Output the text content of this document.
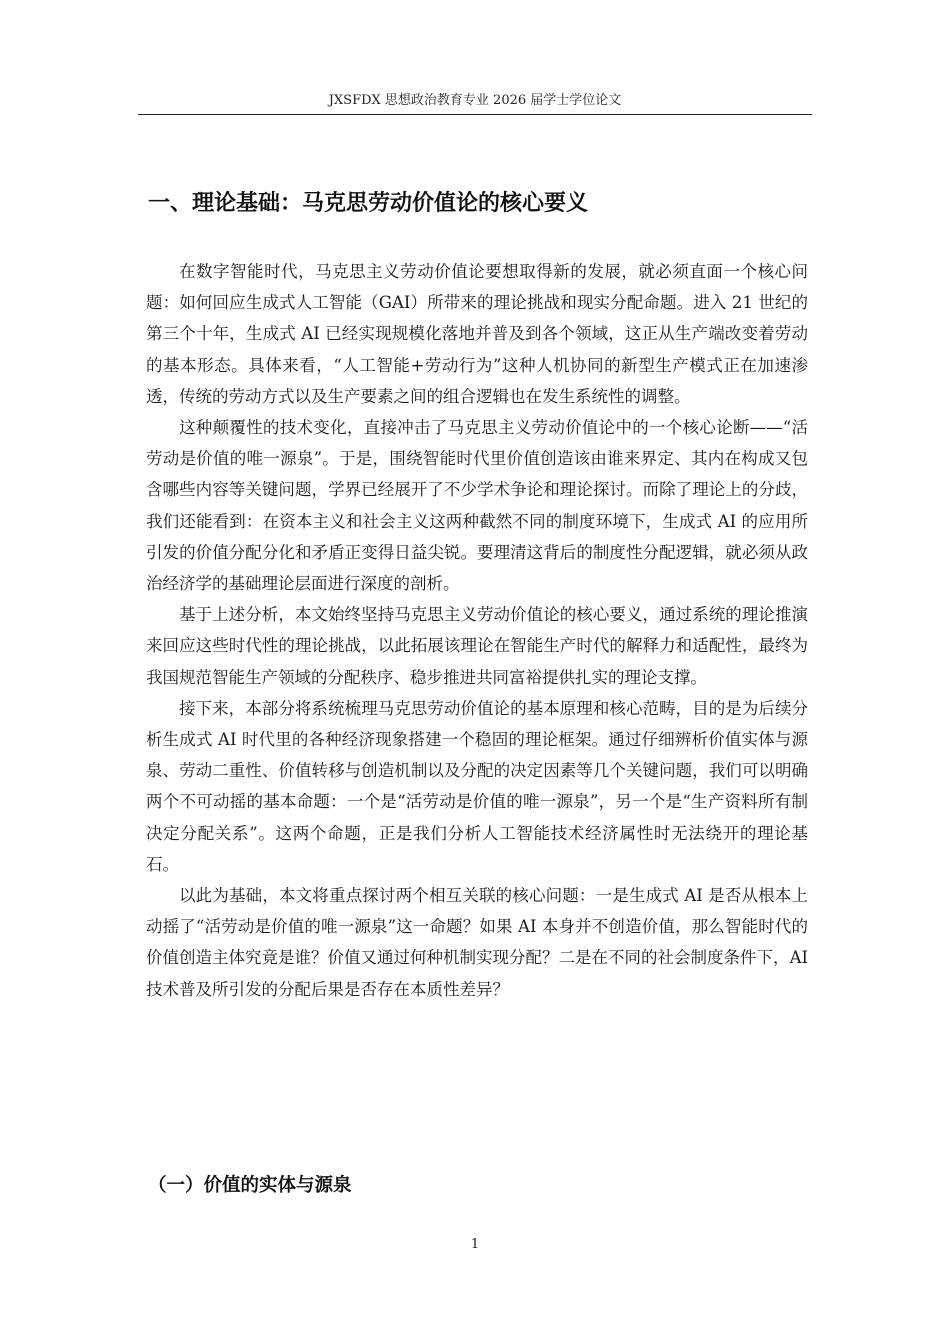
JXSFDX 思想政治教育专业 2026 届学士学位论文
一、理论基础：马克思劳动价值论的核心要义

在数字智能时代，马克思主义劳动价值论要想取得新的发展，就必须直面一个核心问题：如何回应生成式人工智能（GAI）所带来的理论挑战和现实分配命题。进入 21 世纪的第三个十年，生成式 AI 已经实现规模化落地并普及到各个领域，这正从生产端改变着劳动的基本形态。具体来看，“人工智能+劳动行为”这种人机协同的新型生产模式正在加速渗透，传统的劳动方式以及生产要素之间的组合逻辑也在发生系统性的调整。

这种颠覆性的技术变化，直接冲击了马克思主义劳动价值论中的一个核心论断——“活劳动是价值的唯一源泉”。于是，围绕智能时代里价值创造该由谁来界定、其内在构成又包含哪些内容等关键问题，学界已经展开了不少学术争论和理论探讨。而除了理论上的分歧，我们还能看到：在资本主义和社会主义这两种截然不同的制度环境下，生成式 AI 的应用所引发的价值分配分化和矛盾正变得日益尖锐。要理清这背后的制度性分配逻辑，就必须从政治经济学的基础理论层面进行深度的剖析。

基于上述分析，本文始终坚持马克思主义劳动价值论的核心要义，通过系统的理论推演来回应这些时代性的理论挑战，以此拓展该理论在智能生产时代的解释力和适配性，最终为我国规范智能生产领域的分配秩序、稳步推进共同富裕提供扎实的理论支撑。

接下来，本部分将系统梳理马克思劳动价值论的基本原理和核心范畴，目的是为后续分析生成式 AI 时代里的各种经济现象搭建一个稳固的理论框架。通过仔细辨析价值实体与源泉、劳动二重性、价值转移与创造机制以及分配的决定因素等几个关键问题，我们可以明确两个不可动摇的基本命题：一个是“活劳动是价值的唯一源泉”，另一个是“生产资料所有制决定分配关系”。这两个命题，正是我们分析人工智能技术经济属性时无法绕开的理论基石。

以此为基础，本文将重点探讨两个相互关联的核心问题：一是生成式 AI 是否从根本上动摇了“活劳动是价值的唯一源泉”这一命题？如果 AI 本身并不创造价值，那么智能时代的价值创造主体究竟是谁？价值又通过何种机制实现分配？二是在不同的社会制度条件下，AI 技术普及所引发的分配后果是否存在本质性差异？

（一）价值的实体与源泉
1
